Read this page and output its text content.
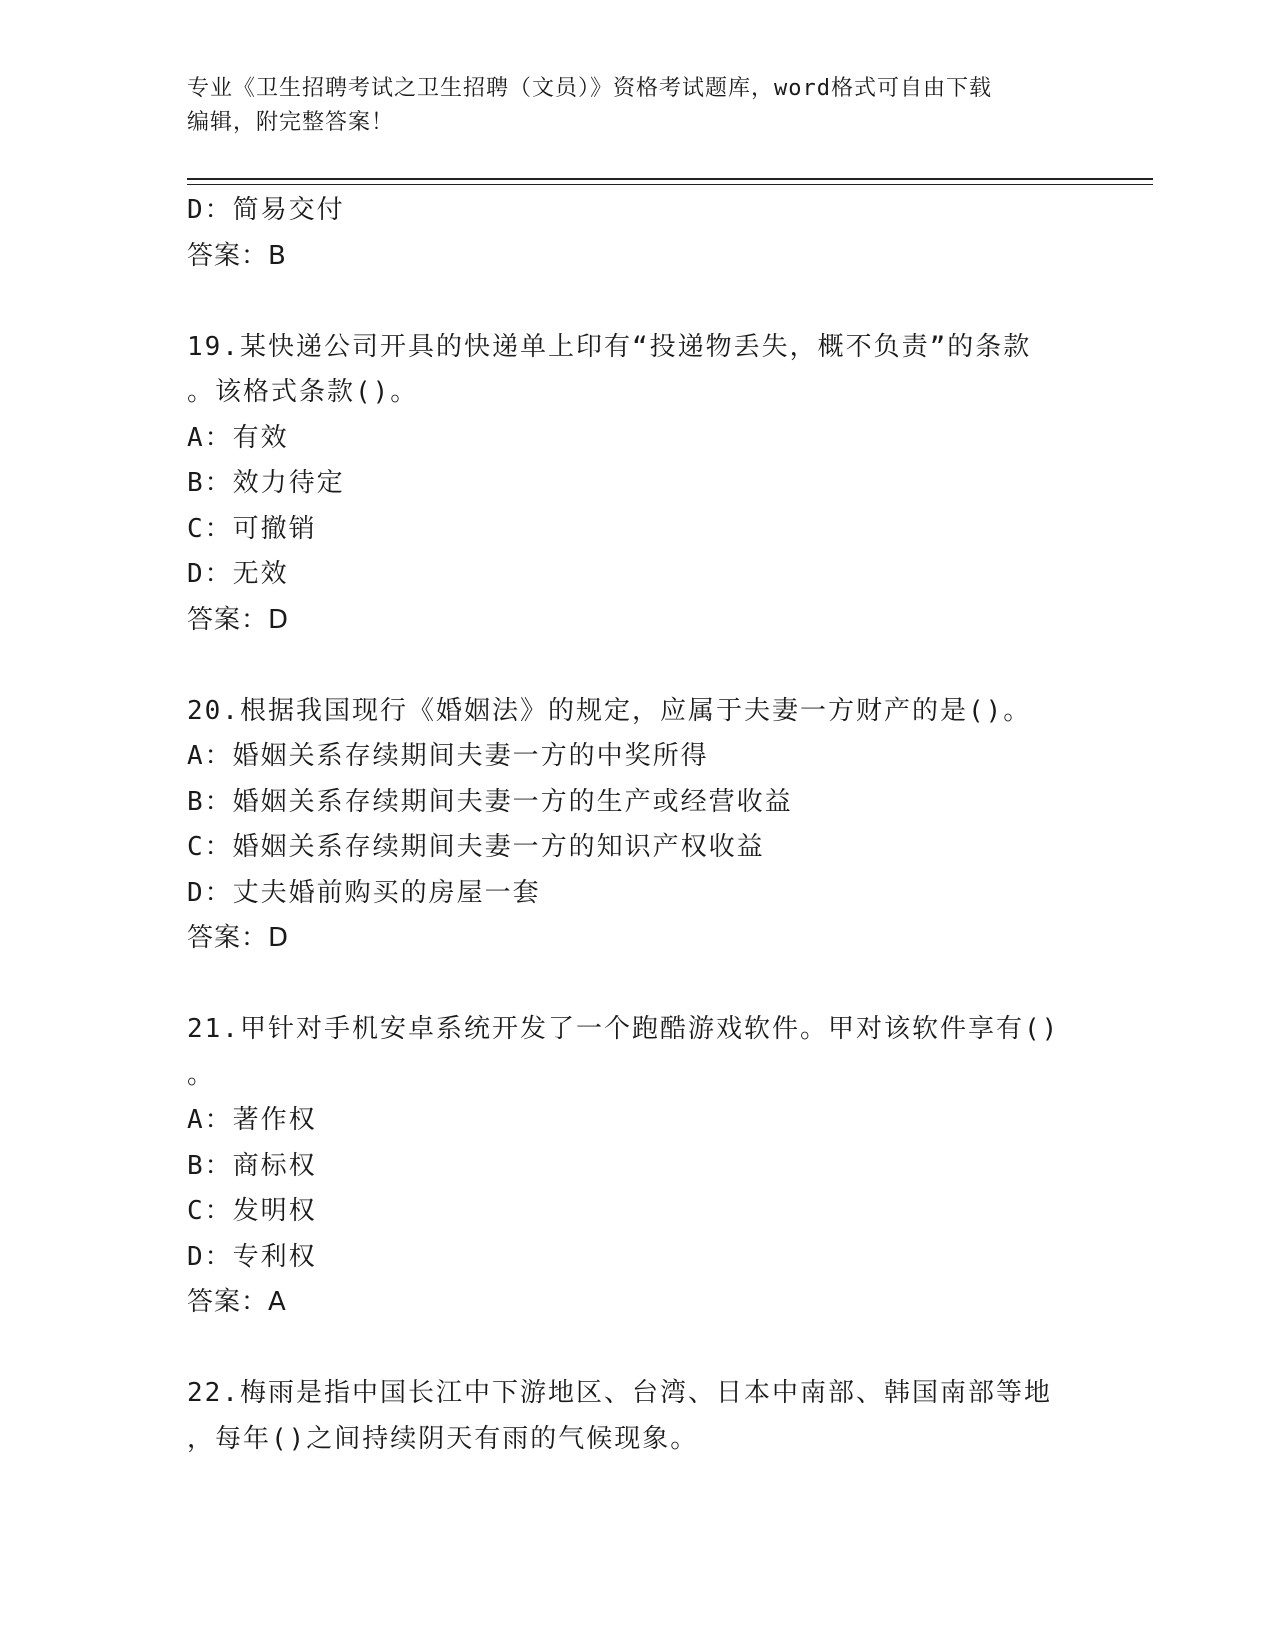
专业《卫生招聘考试之卫生招聘（文员）》资格考试题库，word格式可自由下载
编辑，附完整答案！
D：简易交付
答案：B
19.某快递公司开具的快递单上印有“投递物丢失，概不负责”的条款
。该格式条款()。
A：有效
B：效力待定
C：可撤销
D：无效
答案：D
20.根据我国现行《婚姻法》的规定，应属于夫妻一方财产的是()。
A：婚姻关系存续期间夫妻一方的中奖所得
B：婚姻关系存续期间夫妻一方的生产或经营收益
C：婚姻关系存续期间夫妻一方的知识产权收益
D：丈夫婚前购买的房屋一套
答案：D
21.甲针对手机安卓系统开发了一个跑酷游戏软件。甲对该软件享有()
。
A：著作权
B：商标权
C：发明权
D：专利权
答案：A
22.梅雨是指中国长江中下游地区、台湾、日本中南部、韩国南部等地
，每年()之间持续阴天有雨的气候现象。
